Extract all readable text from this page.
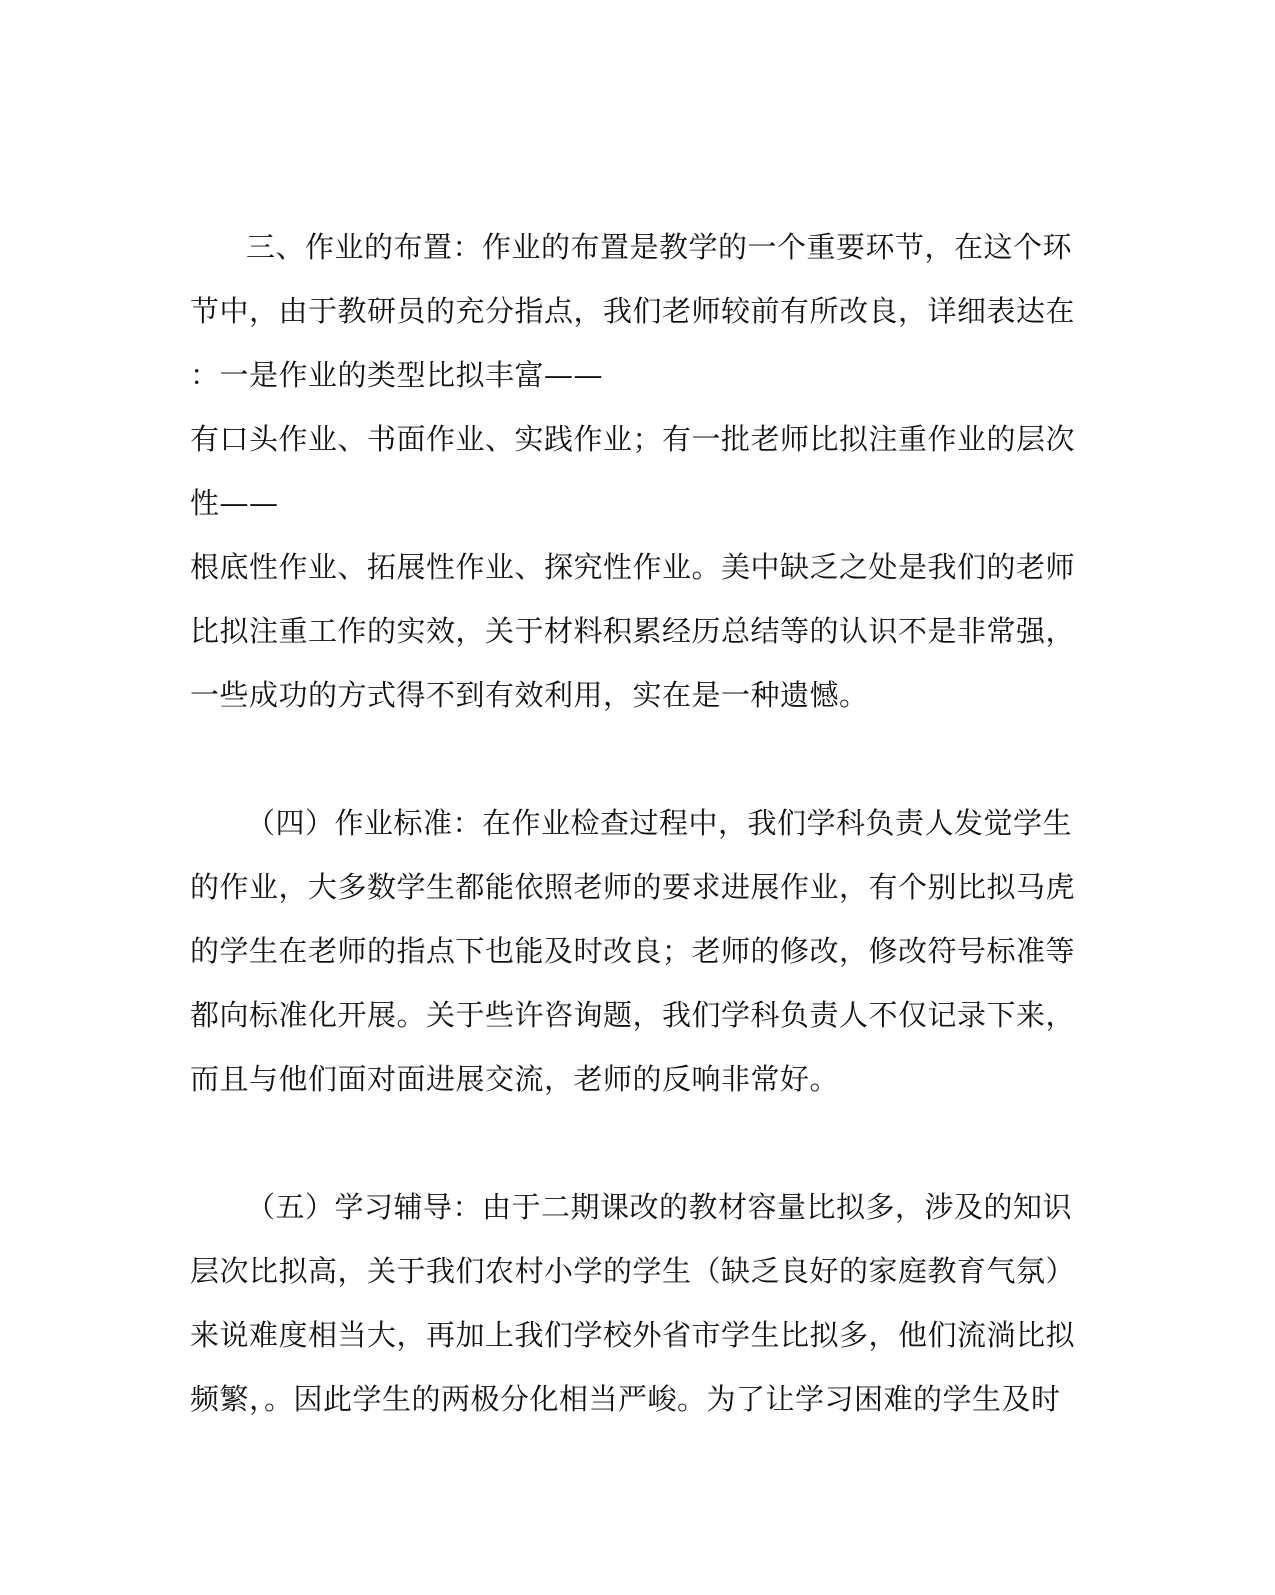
三、作业的布置：作业的布置是教学的一个重要环节，在这个环
节中，由于教研员的充分指点，我们老师较前有所改良，详细表达在
：一是作业的类型比拟丰富——
有口头作业、书面作业、实践作业；有一批老师比拟注重作业的层次
性——
根底性作业、拓展性作业、探究性作业。美中缺乏之处是我们的老师
比拟注重工作的实效，关于材料积累经历总结等的认识不是非常强，
一些成功的方式得不到有效利用，实在是一种遗憾。
（四）作业标准：在作业检查过程中，我们学科负责人发觉学生
的作业，大多数学生都能依照老师的要求进展作业，有个别比拟马虎
的学生在老师的指点下也能及时改良；老师的修改，修改符号标准等
都向标准化开展。关于些许咨询题，我们学科负责人不仅记录下来，
而且与他们面对面进展交流，老师的反响非常好。
（五）学习辅导：由于二期课改的教材容量比拟多，涉及的知识
层次比拟高，关于我们农村小学的学生（缺乏良好的家庭教育气氛）
来说难度相当大，再加上我们学校外省市学生比拟多，他们流淌比拟
频繁，。因此学生的两极分化相当严峻。为了让学习困难的学生及时
